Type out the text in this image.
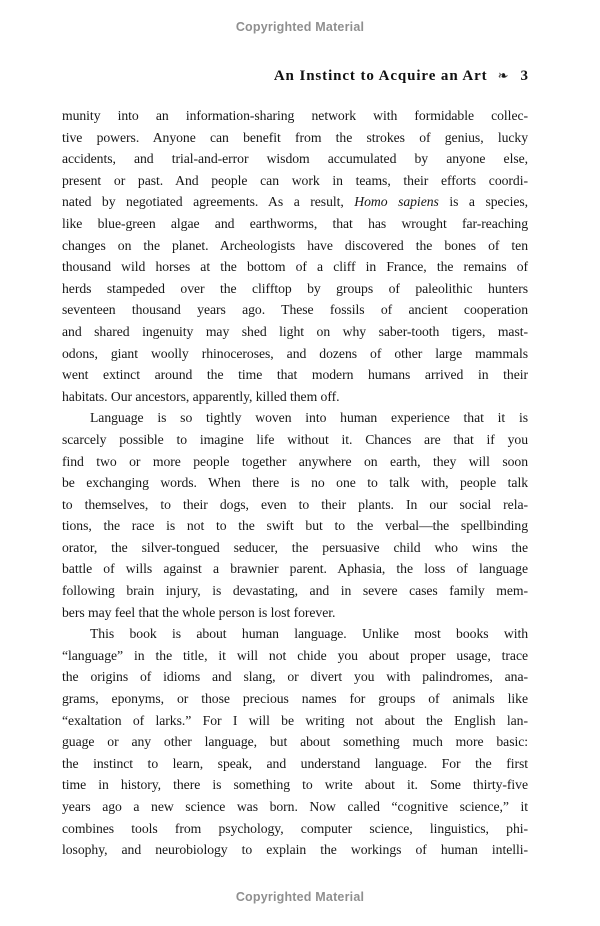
Copyrighted Material
An Instinct to Acquire an Art ❧ 3
munity into an information-sharing network with formidable collec-
tive powers. Anyone can benefit from the strokes of genius, lucky
accidents, and trial-and-error wisdom accumulated by anyone else,
present or past. And people can work in teams, their efforts coordi-
nated by negotiated agreements. As a result, Homo sapiens is a species,
like blue-green algae and earthworms, that has wrought far-reaching
changes on the planet. Archeologists have discovered the bones of ten
thousand wild horses at the bottom of a cliff in France, the remains of
herds stampeded over the clifftop by groups of paleolithic hunters
seventeen thousand years ago. These fossils of ancient cooperation
and shared ingenuity may shed light on why saber-tooth tigers, mast-
odons, giant woolly rhinoceroses, and dozens of other large mammals
went extinct around the time that modern humans arrived in their
habitats. Our ancestors, apparently, killed them off.
Language is so tightly woven into human experience that it is
scarcely possible to imagine life without it. Chances are that if you
find two or more people together anywhere on earth, they will soon
be exchanging words. When there is no one to talk with, people talk
to themselves, to their dogs, even to their plants. In our social rela-
tions, the race is not to the swift but to the verbal—the spellbinding
orator, the silver-tongued seducer, the persuasive child who wins the
battle of wills against a brawnier parent. Aphasia, the loss of language
following brain injury, is devastating, and in severe cases family mem-
bers may feel that the whole person is lost forever.
This book is about human language. Unlike most books with
“language” in the title, it will not chide you about proper usage, trace
the origins of idioms and slang, or divert you with palindromes, ana-
grams, eponyms, or those precious names for groups of animals like
“exaltation of larks.” For I will be writing not about the English lan-
guage or any other language, but about something much more basic:
the instinct to learn, speak, and understand language. For the first
time in history, there is something to write about it. Some thirty-five
years ago a new science was born. Now called “cognitive science,” it
combines tools from psychology, computer science, linguistics, phi-
losophy, and neurobiology to explain the workings of human intelli-
Copyrighted Material
